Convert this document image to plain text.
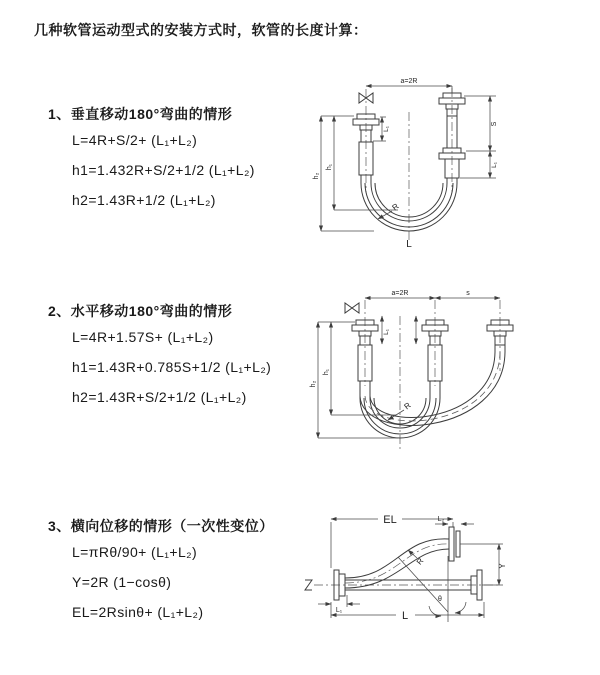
几种软管运动型式的安装方式时，软管的长度计算：
1、垂直移动180°弯曲的情形
L=4R+S/2+ (L₁+L₂)
h1=1.432R+S/2+1/2 (L₁+L₂)
h2=1.43R+1/2 (L₁+L₂)
2、水平移动180°弯曲的情形
L=4R+1.57S+ (L₁+L₂)
h1=1.43R+0.785S+1/2 (L₁+L₂)
h2=1.43R+S/2+1/2 (L₁+L₂)
3、横向位移的情形（一次性变位）
L=πRθ/90+ (L₁+L₂)
Y=2R (1−cosθ)
EL=2Rsinθ+ (L₁+L₂)
a=2R
h₂
h₁
L₁
S
L₁
R
L
a=2R	s
h₂
h₁
L₁
R
θ
EL	L₂
Y
L
L₁
R
